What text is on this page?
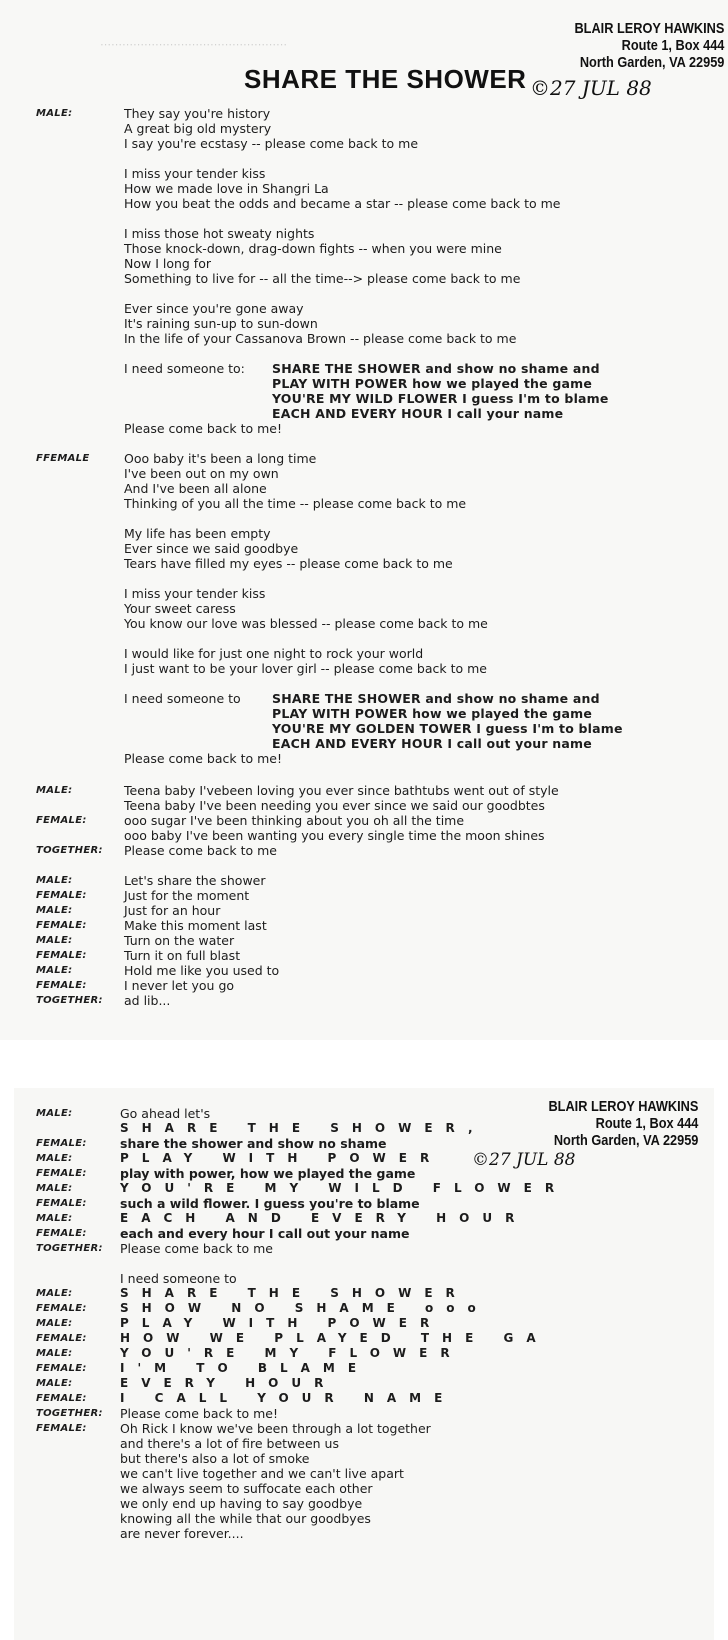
⋯⋯⋯⋯⋯⋯⋯⋯⋯⋯⋯⋯⋯⋯⋯⋯⋯
BLAIR LEROY HAWKINS
Route 1, Box 444
North Garden, VA 22959
©27 JUL 88
SHARE THE SHOWER
MALE:	They say you're history
A great big old mystery
I say you're ecstasy -- please come back to me
I miss your tender kiss
How we made love in Shangri La
How you beat the odds and became a star -- please come back to me
I miss those hot sweaty nights
Those knock-down, drag-down fights -- when you were mine
Now I long for
Something to live for -- all the time--> please come back to me
Ever since you're gone away
It's raining sun-up to sun-down
In the life of your Cassanova Brown -- please come back to me
I need someone to: SHARE THE SHOWER and show no shame and
PLAY WITH POWER how we played the game
YOU'RE MY WILD FLOWER I guess I'm to blame
EACH AND EVERY HOUR I call your name
Please come back to me!
FFEMALE	Ooo baby it's been a long time
I've been out on my own
And I've been all alone
Thinking of you all the time -- please come back to me
My life has been empty
Ever since we said goodbye
Tears have filled my eyes -- please come back to me
I miss your tender kiss
Your sweet caress
You know our love was blessed -- please come back to me
I would like for just one night to rock your world
I just want to be your lover girl -- please come back to me
I need someone to	SHARE THE SHOWER and show no shame and
PLAY WITH POWER how we played the game
YOU'RE MY GOLDEN TOWER I guess I'm to blame
EACH AND EVERY HOUR I call out your name
Please come back to me!
MALE:	Teena baby I'vebeen loving you ever since bathtubs went out of style
Teena baby I've been needing you ever since we said our goodbtes
FEMALE:	ooo sugar I've been thinking about you oh all the time
ooo baby I've been wanting you every single time the moon shines
TOGETHER: Please come back to me
MALE:	Let's share the shower
FEMALE:	Just for the moment
MALE:	Just for an hour
FEMALE:	Make this moment last
MALE:	Turn on the water
FEMALE:	Turn it on full blast
MALE:	Hold me like you used to
FEMALE:	I never let you go
TOGETHER: ad lib...
BLAIR LEROY HAWKINS
Route 1, Box 444
North Garden, VA 22959
©27 JUL 88
MALE:	Go ahead let's
SHARE THE SHOWER,
FEMALE:	share the shower and show no shame
MALE:	PLAY WITH POWER
FEMALE:	play with power, how we played the game
MALE:	YOU'RE MY WILD FLOWER
FEMALE:	such a wild flower. I guess you're to blame
MALE:	EACH AND EVERY HOUR
FEMALE:	each and every hour I call out your name
TOGETHER: Please come back to me
I need someone to
MALE:	SHARE THE SHOWER
FEMALE:	SHOW NO SHAME ooo
MALE:	PLAY WITH POWER
FEMALE:	HOW WE PLAYED THE GA
MALE:	YOU'RE MY FLOWER
FEMALE:	I'M TO BLAME
MALE:	EVERY HOUR
FEMALE:	I CALL YOUR NAME
TOGETHER: Please come back to me!
FEMALE:	Oh Rick I know we've been through a lot together
and there's a lot of fire between us
but there's also a lot of smoke
we can't live together and we can't live apart
we always seem to suffocate each other
we only end up having to say goodbye
knowing all the while that our goodbyes
are never forever....
